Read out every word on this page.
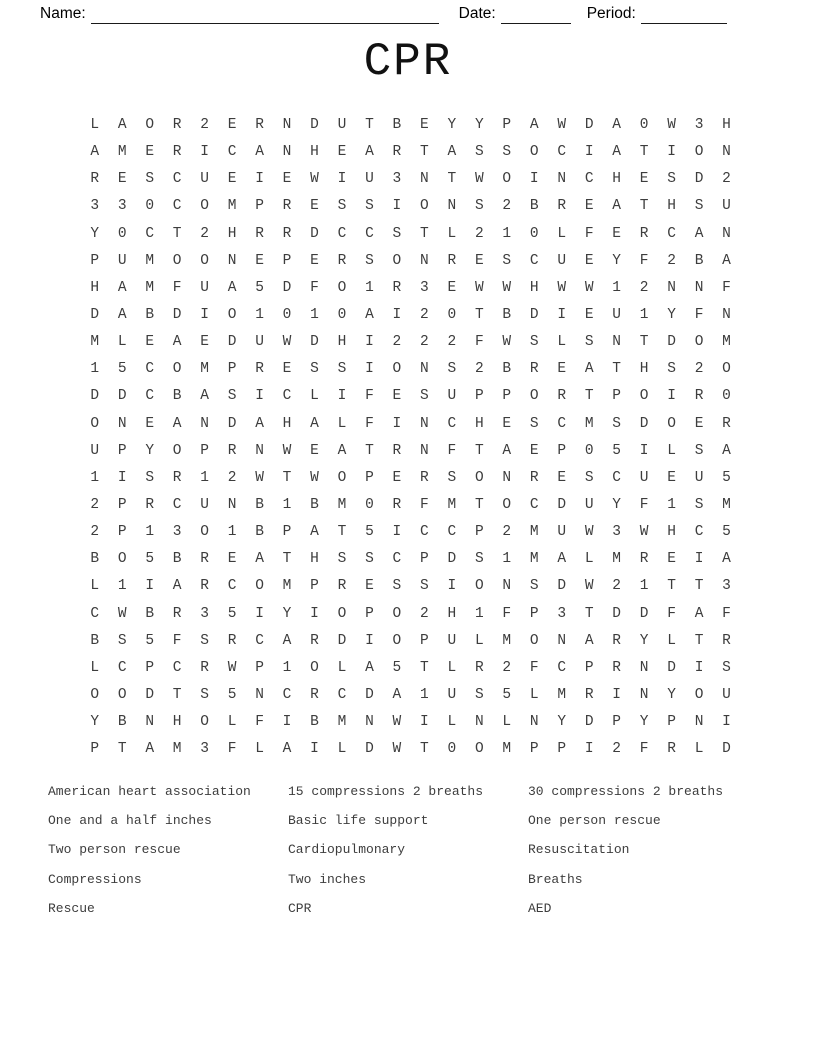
Name:	Date:	Period:
CPR
L	A	O	R	2	E	R	N	D	U	T	B	E	Y	Y	P	A	W	D	A	0	W	3	H
A	M	E	R	I	C	A	N	H	E	A	R	T	A	S	S	O	C	I	A	T	I	O	N
R	E	S	C	U	E	I	E	W	I	U	3	N	T	W	O	I	N	C	H	E	S	D	2
3	3	0	C	O	M	P	R	E	S	S	I	O	N	S	2	B	R	E	A	T	H	S	U
Y	0	C	T	2	H	R	R	D	C	C	S	T	L	2	1	0	L	F	E	R	C	A	N
P	U	M	O	O	N	E	P	E	R	S	O	N	R	E	S	C	U	E	Y	F	2	B	A
H	A	M	F	U	A	5	D	F	O	1	R	3	E	W	W	H	W	W	1	2	N	N	F
D	A	B	D	I	O	1	0	1	0	A	I	2	0	T	B	D	I	E	U	1	Y	F	N
M	L	E	A	E	D	U	W	D	H	I	2	2	2	F	W	S	L	S	N	T	D	O	M
1	5	C	O	M	P	R	E	S	S	I	O	N	S	2	B	R	E	A	T	H	S	2	O
D	D	C	B	A	S	I	C	L	I	F	E	S	U	P	P	O	R	T	P	O	I	R	0
O	N	E	A	N	D	A	H	A	L	F	I	N	C	H	E	S	C	M	S	D	O	E	R
U	P	Y	O	P	R	N	W	E	A	T	R	N	F	T	A	E	P	0	5	I	L	S	A
1	I	S	R	1	2	W	T	W	O	P	E	R	S	O	N	R	E	S	C	U	E	U	5
2	P	R	C	U	N	B	1	B	M	0	R	F	M	T	O	C	D	U	Y	F	1	S	M
2	P	1	3	O	1	B	P	A	T	5	I	C	C	P	2	M	U	W	3	W	H	C	5
B	O	5	B	R	E	A	T	H	S	S	C	P	D	S	1	M	A	L	M	R	E	I	A
L	1	I	A	R	C	O	M	P	R	E	S	S	I	O	N	S	D	W	2	1	T	T	3
C	W	B	R	3	5	I	Y	I	O	P	O	2	H	1	F	P	3	T	D	D	F	A	F
B	S	5	F	S	R	C	A	R	D	I	O	P	U	L	M	O	N	A	R	Y	L	T	R
L	C	P	C	R	W	P	1	O	L	A	5	T	L	R	2	F	C	P	R	N	D	I	S
O	O	D	T	S	5	N	C	R	C	D	A	1	U	S	5	L	M	R	I	N	Y	O	U
Y	B	N	H	O	L	F	I	B	M	N	W	I	L	N	L	N	Y	D	P	Y	P	N	I
P	T	A	M	3	F	L	A	I	L	D	W	T	0	O	M	P	P	I	2	F	R	L	D
American heart association
One and a half inches
Two person rescue
Compressions
Rescue
15 compressions 2 breaths
Basic life support
Cardiopulmonary
Two inches
CPR
30 compressions 2 breaths
One person rescue
Resuscitation
Breaths
AED
